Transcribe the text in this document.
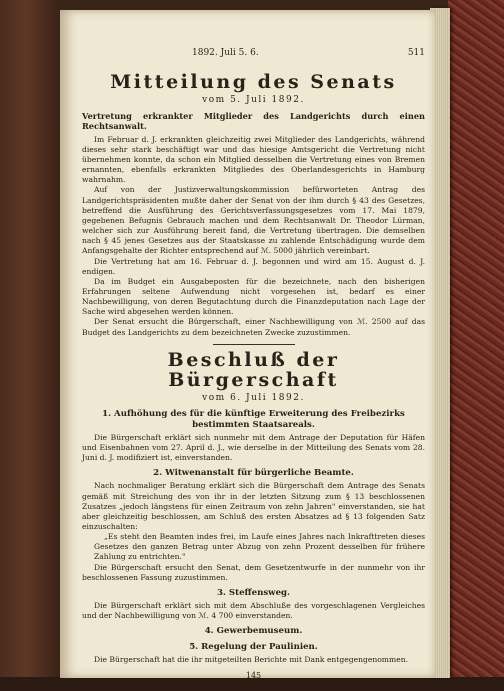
1892. Juli 5. 6.	511
Mitteilung des Senats
vom 5. Juli 1892.
Vertretung erkrankter Mitglieder des Landgerichts durch einen Rechtsanwalt.

Im Februar d. J. erkrankten gleichzeitig zwei Mitglieder des Landgerichts, während dieses sehr stark beschäftigt war und das hiesige Amtsgericht die Vertretung nicht übernehmen konnte, da schon ein Mitglied desselben die Vertretung eines von Bremen ernannten, ebenfalls erkrankten Mitgliedes des Oberlandesgerichts in Hamburg wahrnahm.

Auf von der Justizverwaltungskommission befürworteten Antrag des Landgerichtspräsidenten mußte daher der Senat von der ihm durch § 43 des Gesetzes, betreffend die Ausführung des Gerichtsverfassungsgesetzes vom 17. Mai 1879, gegebenen Befugnis Gebrauch machen und dem Rechtsanwalt Dr. Theodor Lürman, welcher sich zur Ausführung bereit fand, die Vertretung übertragen. Die demselben nach § 45 jenes Gesetzes aus der Staatskasse zu zahlende Entschädigung wurde dem Anfangsgehalte der Richter entsprechend auf ℳ. 5000 jährlich vereinbart.

Die Vertretung hat am 16. Februar d. J. begonnen und wird am 15. August d. J. endigen.

Da im Budget ein Ausgabeposten für die bezeichnete, nach den bisherigen Erfahrungen seltene Aufwendung nicht vorgesehen ist, bedarf es einer Nachbewilligung, von deren Begutachtung durch die Finanzdeputation nach Lage der Sache wird abgesehen werden können.

Der Senat ersucht die Bürgerschaft, einer Nachbewilligung von ℳ. 2500 auf das Budget des Landgerichts zu dem bezeichneten Zwecke zuzustimmen.

Beschluß der Bürgerschaft
vom 6. Juli 1892.
1. Aufhöhung des für die künftige Erweiterung des Freibezirks
bestimmten Staatsareals.

Die Bürgerschaft erklärt sich nunmehr mit dem Antrage der Deputation für Häfen und Eisenbahnen vom 27. April d. J., wie derselbe in der Mitteilung des Senats vom 28. Juni d. J. modifiziert ist, einverstanden.

2. Witwenanstalt für bürgerliche Beamte.

Nach nochmaliger Beratung erklärt sich die Bürgerschaft dem Antrage des Senats gemäß mit Streichung des von ihr in der letzten Sitzung zum § 13 beschlossenen Zusatzes „jedoch längstens für einen Zeitraum von zehn Jahren" einverstanden, sie hat aber gleichzeitig beschlossen, am Schluß des ersten Absatzes ad § 13 folgenden Satz einzuschalten:

„Es steht den Beamten indes frei, im Laufe eines Jahres nach Inkrafttreten dieses Gesetzes den ganzen Betrag unter Abzug von zehn Prozent desselben für frühere Zahlung zu entrichten."

Die Bürgerschaft ersucht den Senat, dem Gesetzentwurfe in der nunmehr von ihr beschlossenen Fassung zuzustimmen.

3. Steffensweg.

Die Bürgerschaft erklärt sich mit dem Abschluße des vorgeschlagenen Vergleiches und der Nachbewilligung von ℳ. 4 700 einverstanden.

4. Gewerbemuseum.
5. Regelung der Paulinien.

Die Bürgerschaft hat die ihr mitgeteilten Berichte mit Dank entgegengenommen.

145
